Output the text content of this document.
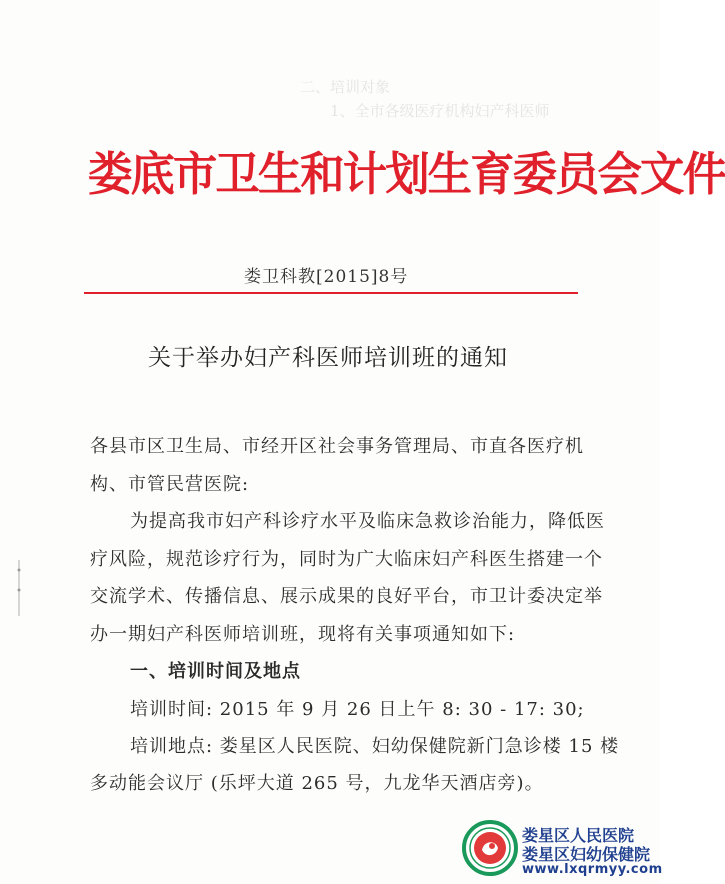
二、培训对象
1、全市各级医疗机构妇产科医师

娄底市卫生和计划生育委员会文件
娄卫科教[2015]8号
关于举办妇产科医师培训班的通知
各县市区卫生局、市经开区社会事务管理局、市直各医疗机
构、市管民营医院:
为提高我市妇产科诊疗水平及临床急救诊治能力，降低医
疗风险，规范诊疗行为，同时为广大临床妇产科医生搭建一个
交流学术、传播信息、展示成果的良好平台，市卫计委决定举
办一期妇产科医师培训班，现将有关事项通知如下:
一、培训时间及地点
培训时间: 2015 年 9 月 26 日上午 8: 30 - 17: 30;
培训地点: 娄星区人民医院、妇幼保健院新门急诊楼 15 楼
多动能会议厅 (乐坪大道 265 号，九龙华天酒店旁)。
娄星区人民医院
娄星区妇幼保健院
www.lxqrmyy.com
